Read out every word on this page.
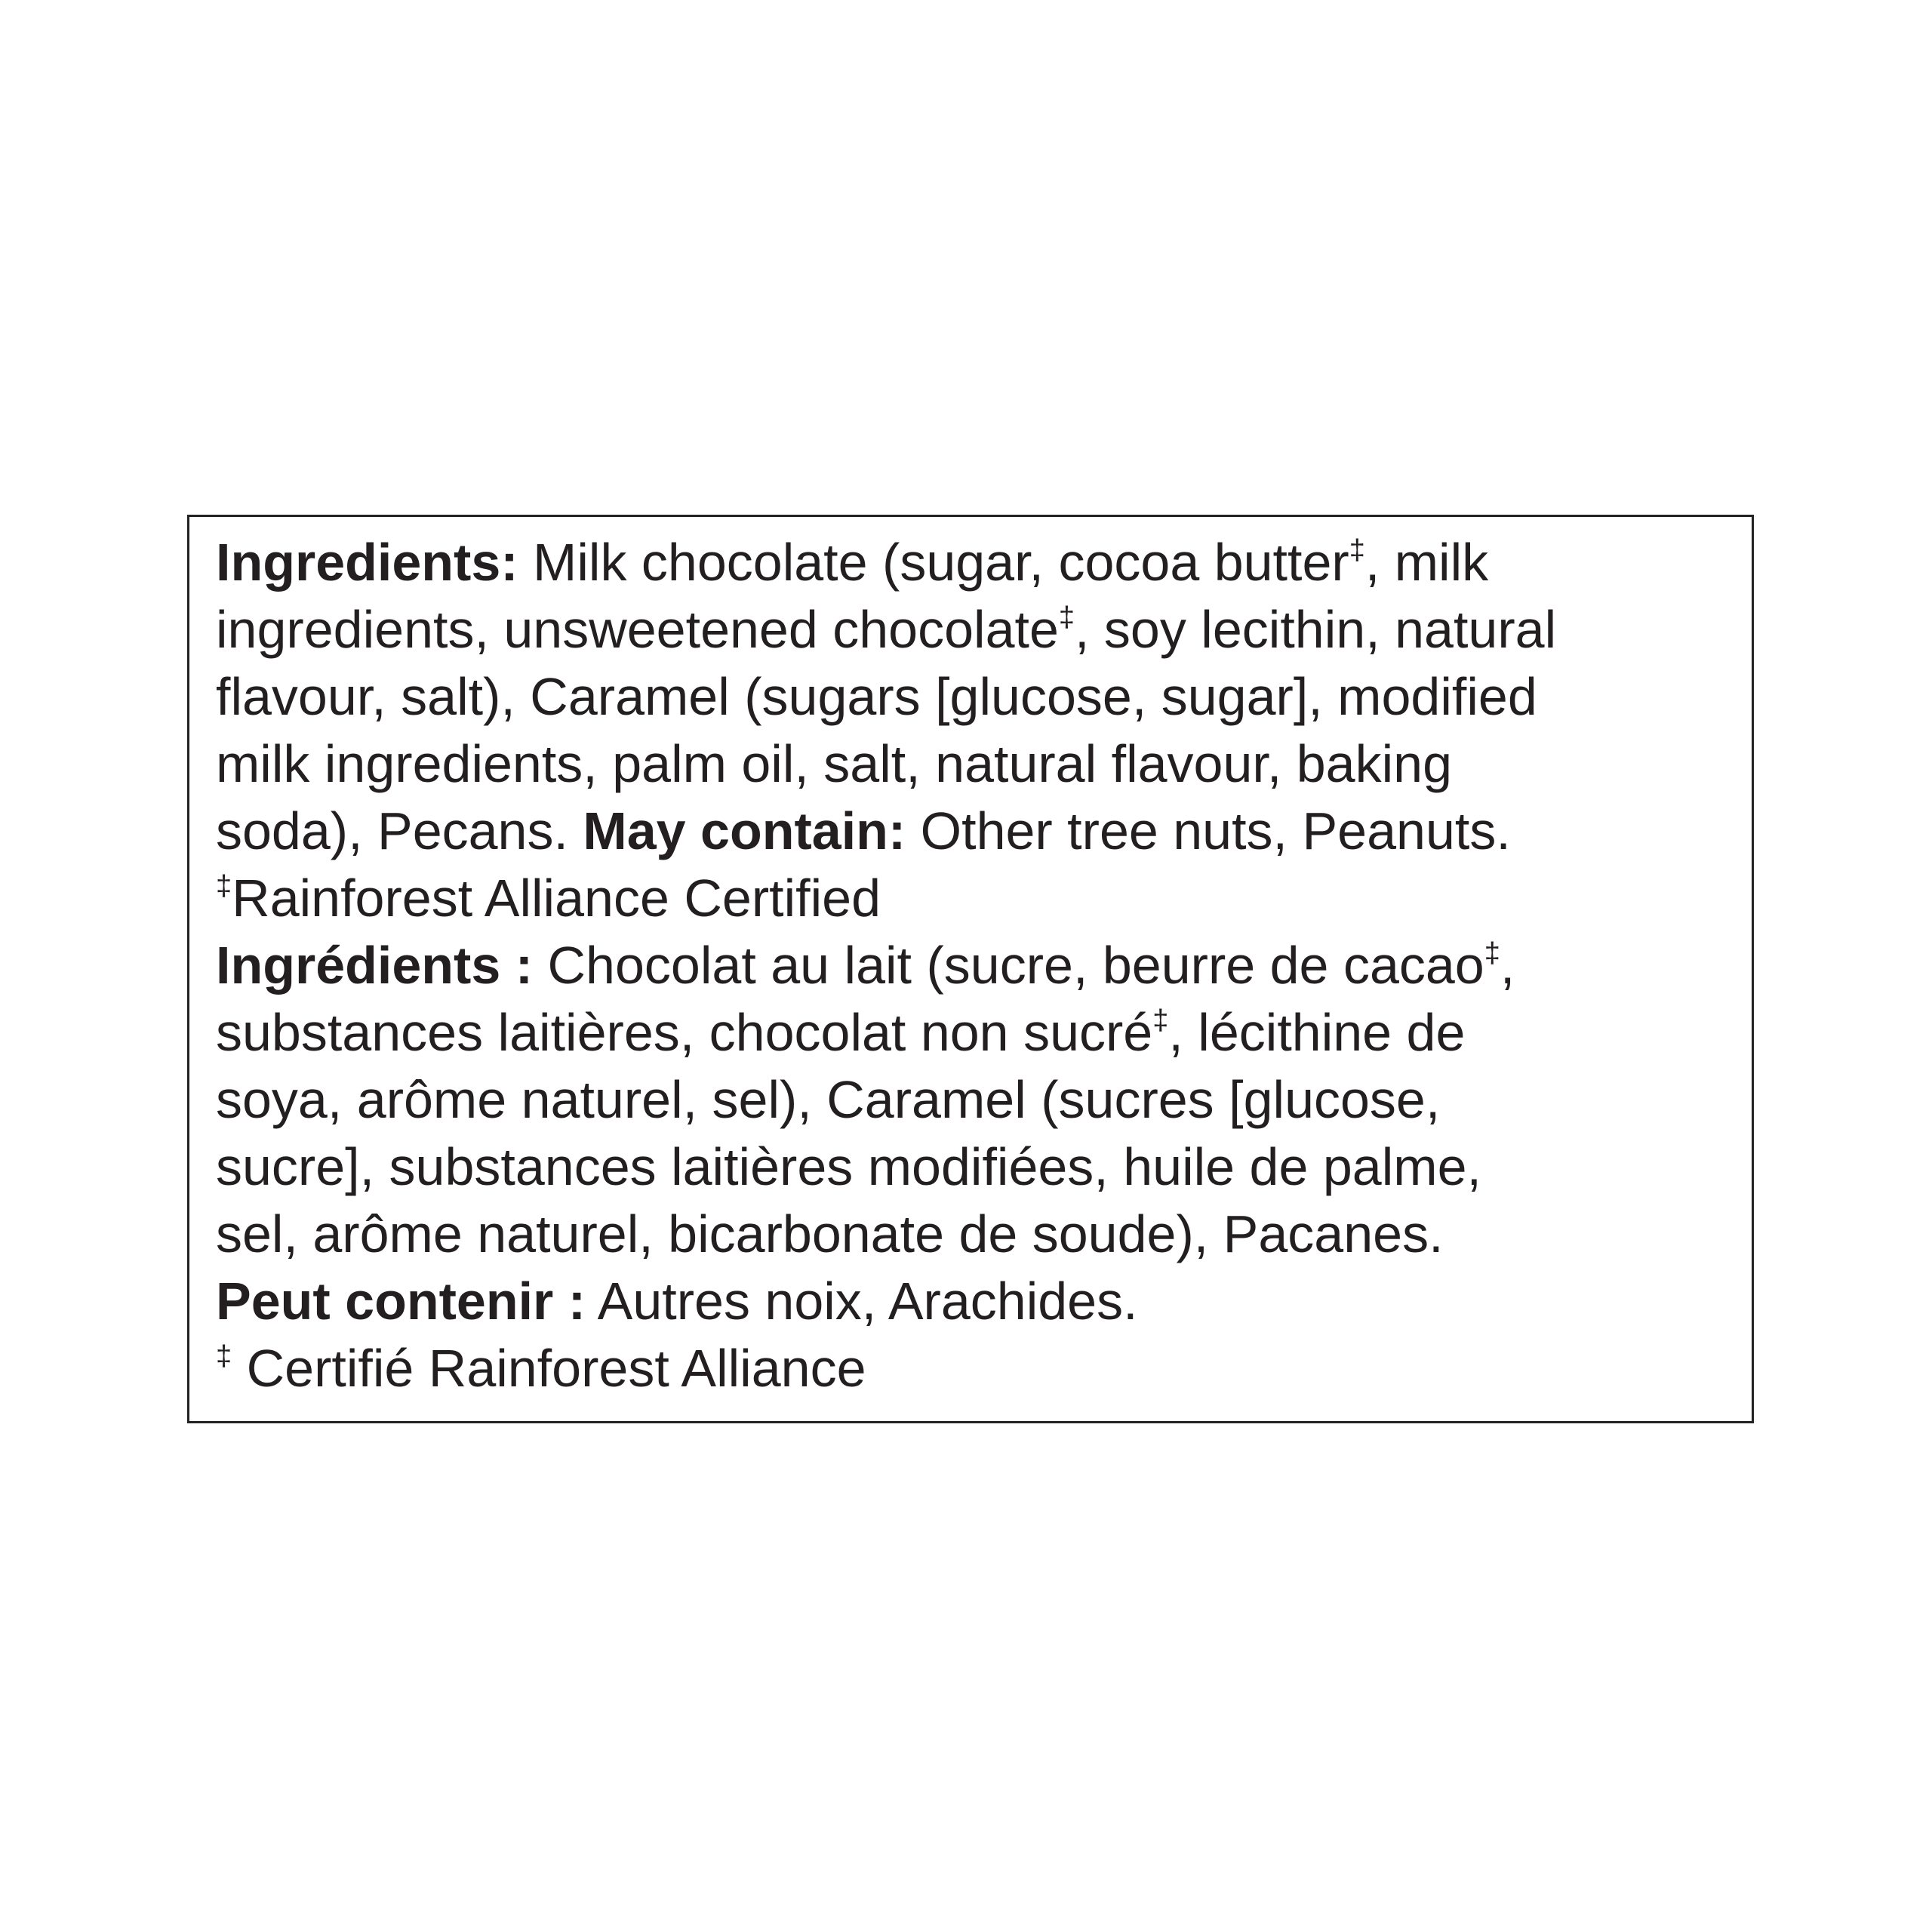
Ingredients: Milk chocolate (sugar, cocoa butter‡, milk
ingredients, unsweetened chocolate‡, soy lecithin, natural
flavour, salt), Caramel (sugars [glucose, sugar], modified
milk ingredients, palm oil, salt, natural flavour, baking
soda), Pecans. May contain: Other tree nuts, Peanuts.
‡Rainforest Alliance Certified
Ingrédients : Chocolat au lait (sucre, beurre de cacao‡,
substances laitières, chocolat non sucré‡, lécithine de
soya, arôme naturel, sel), Caramel (sucres [glucose,
sucre], substances laitières modifiées, huile de palme,
sel, arôme naturel, bicarbonate de soude), Pacanes.
Peut contenir : Autres noix, Arachides.
‡ Certifié Rainforest Alliance
